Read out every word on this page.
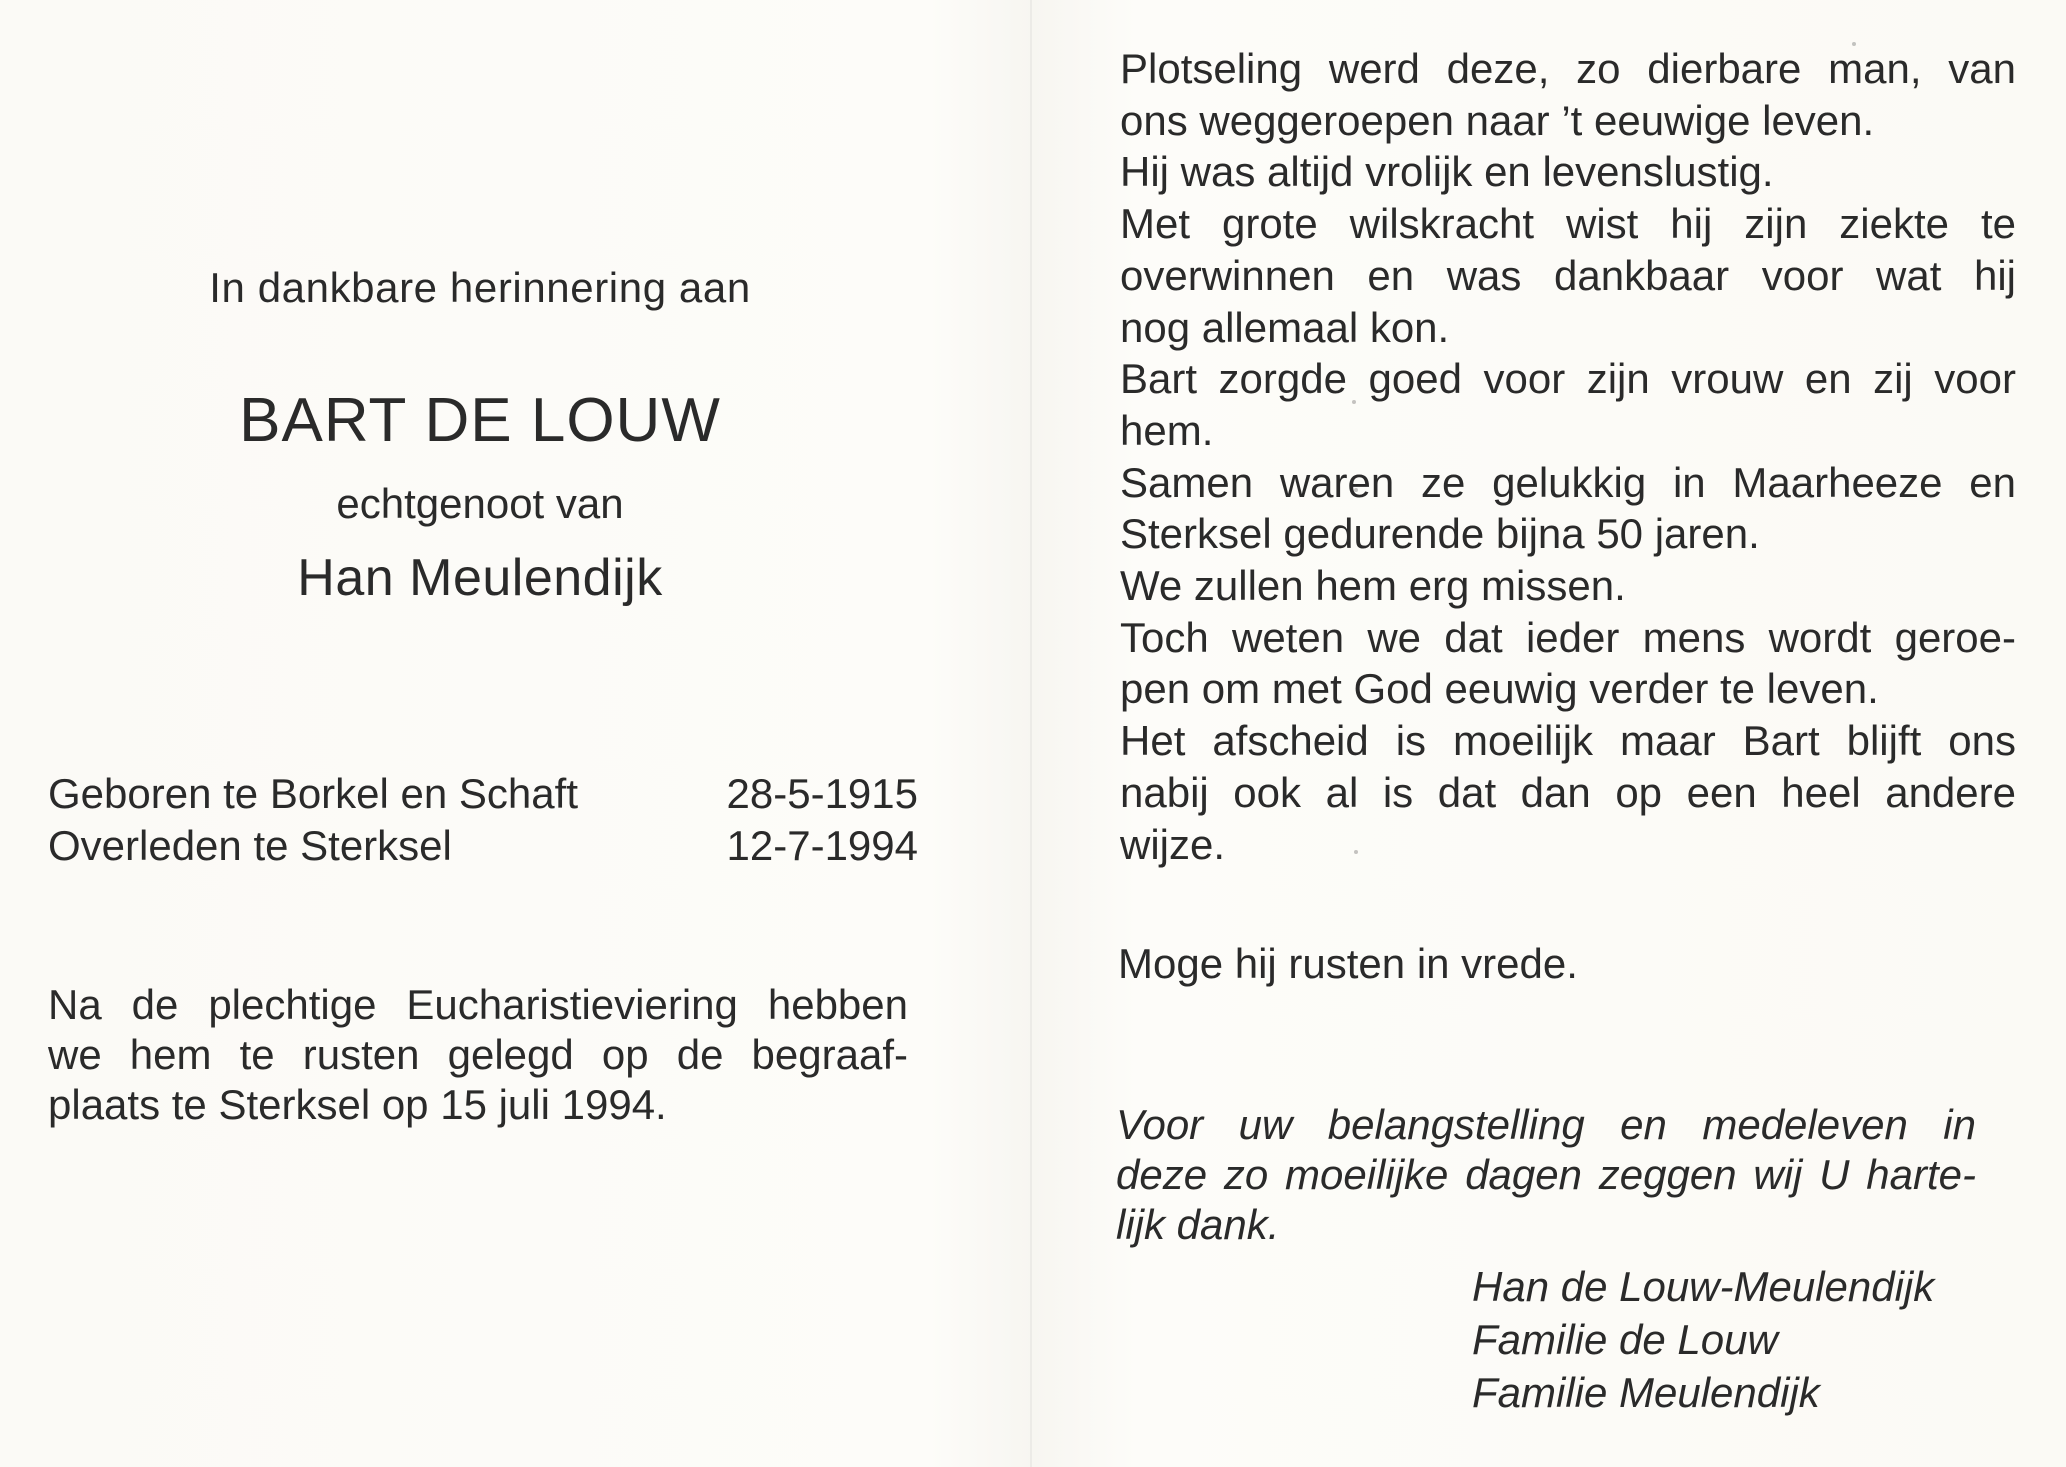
In dankbare herinnering aan
BART DE LOUW
echtgenoot van
Han Meulendijk
Geboren te Borkel en Schaft	28-5-1915
Overleden te Sterksel	12-7-1994
Na de plechtige Eucharistieviering hebben
we hem te rusten gelegd op de begraaf-
plaats te Sterksel op 15 juli 1994.
Plotseling werd deze, zo dierbare man, van
ons weggeroepen naar ’t eeuwige leven.
Hij was altijd vrolijk en levenslustig.
Met grote wilskracht wist hij zijn ziekte te
overwinnen en was dankbaar voor wat hij
nog allemaal kon.
Bart zorgde goed voor zijn vrouw en zij voor
hem.
Samen waren ze gelukkig in Maarheeze en
Sterksel gedurende bijna 50 jaren.
We zullen hem erg missen.
Toch weten we dat ieder mens wordt geroe-
pen om met God eeuwig verder te leven.
Het afscheid is moeilijk maar Bart blijft ons
nabij ook al is dat dan op een heel andere
wijze.
Moge hij rusten in vrede.
Voor uw belangstelling en medeleven in
deze zo moeilijke dagen zeggen wij U harte-
lijk dank.
Han de Louw-Meulendijk
Familie de Louw
Familie Meulendijk
